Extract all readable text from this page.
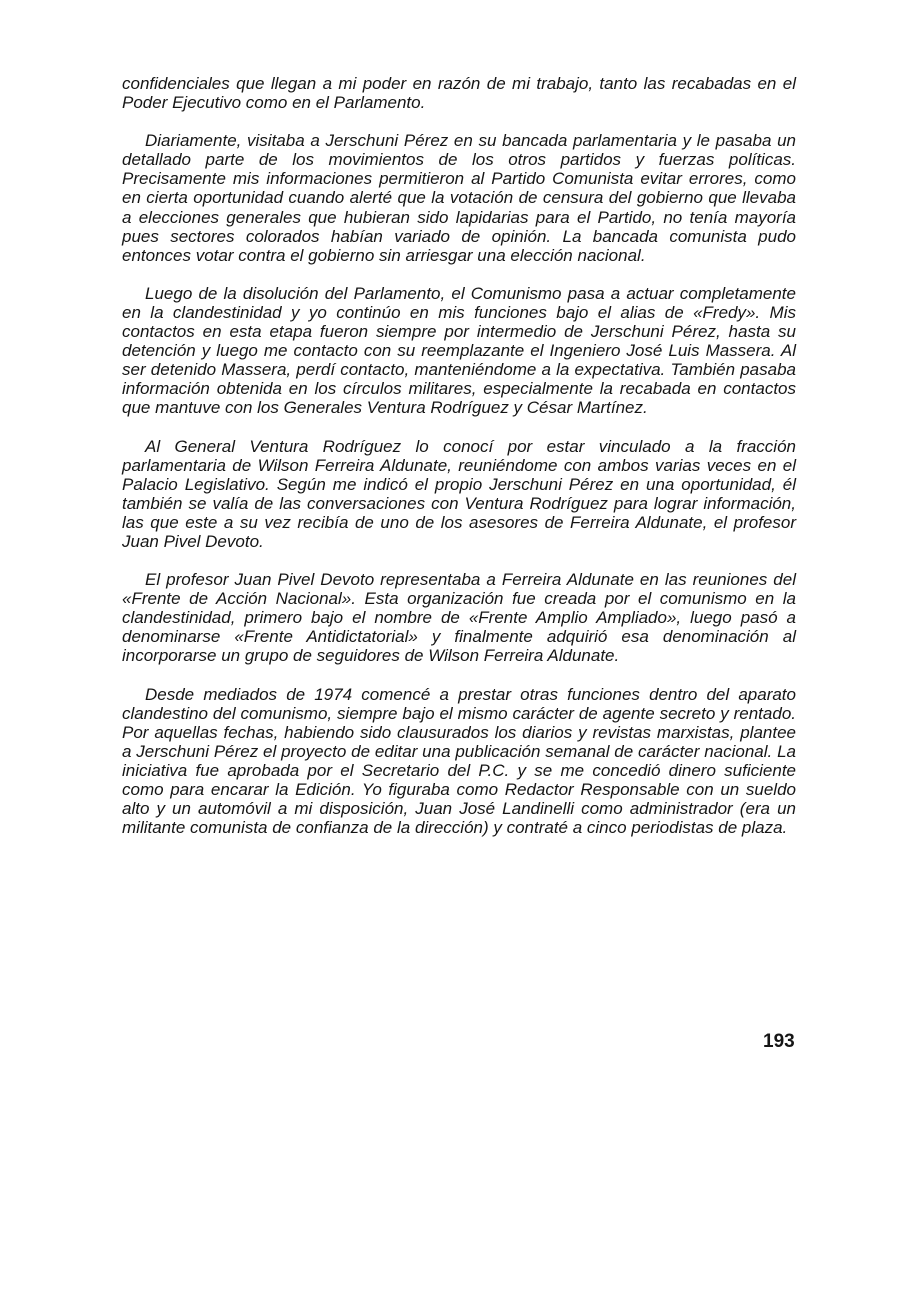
confidenciales que llegan a mi poder en razón de mi trabajo, tanto las recabadas en el Poder Ejecutivo como en el Parlamento.

Diariamente, visitaba a Jerschuni Pérez en su bancada parlamentaria y le pasaba un detallado parte de los movimientos de los otros partidos y fuerzas políticas. Precisamente mis informaciones permitieron al Partido Comunista evitar errores, como en cierta oportunidad cuando alerté que la votación de censura del gobierno que llevaba a elecciones generales que hubieran sido lapidarias para el Partido, no tenía mayoría pues sectores colorados habían variado de opinión. La bancada comunista pudo entonces votar contra el gobierno sin arriesgar una elección nacional.

Luego de la disolución del Parlamento, el Comunismo pasa a actuar completamente en la clandestinidad y yo continúo en mis funciones bajo el alias de «Fredy». Mis contactos en esta etapa fueron siempre por intermedio de Jerschuni Pérez, hasta su detención y luego me contacto con su reemplazante el Ingeniero José Luis Massera. Al ser detenido Massera, perdí contacto, manteniéndome a la expectativa. También pasaba información obtenida en los círculos militares, especialmente la recabada en contactos que mantuve con los Generales Ventura Rodríguez y César Martínez.

Al General Ventura Rodríguez lo conocí por estar vinculado a la fracción parlamentaria de Wilson Ferreira Aldunate, reuniéndome con ambos varias veces en el Palacio Legislativo. Según me indicó el propio Jerschuni Pérez en una oportunidad, él también se valía de las conversaciones con Ventura Rodríguez para lograr información, las que este a su vez recibía de uno de los asesores de Ferreira Aldunate, el profesor Juan Pivel Devoto.

El profesor Juan Pivel Devoto representaba a Ferreira Aldunate en las reuniones del «Frente de Acción Nacional». Esta organización fue creada por el comunismo en la clandestinidad, primero bajo el nombre de «Frente Amplio Ampliado», luego pasó a denominarse «Frente Antidictatorial» y finalmente adquirió esa denominación al incorporarse un grupo de seguidores de Wilson Ferreira Aldunate.

Desde mediados de 1974 comencé a prestar otras funciones dentro del aparato clandestino del comunismo, siempre bajo el mismo carácter de agente secreto y rentado. Por aquellas fechas, habiendo sido clausurados los diarios y revistas marxistas, plantee a Jerschuni Pérez el proyecto de editar una publicación semanal de carácter nacional. La iniciativa fue aprobada por el Secretario del P.C. y se me concedió dinero suficiente como para encarar la Edición. Yo figuraba como Redactor Responsable con un sueldo alto y un automóvil a mi disposición, Juan José Landinelli como administrador (era un militante comunista de confianza de la dirección) y contraté a cinco periodistas de plaza.

193
